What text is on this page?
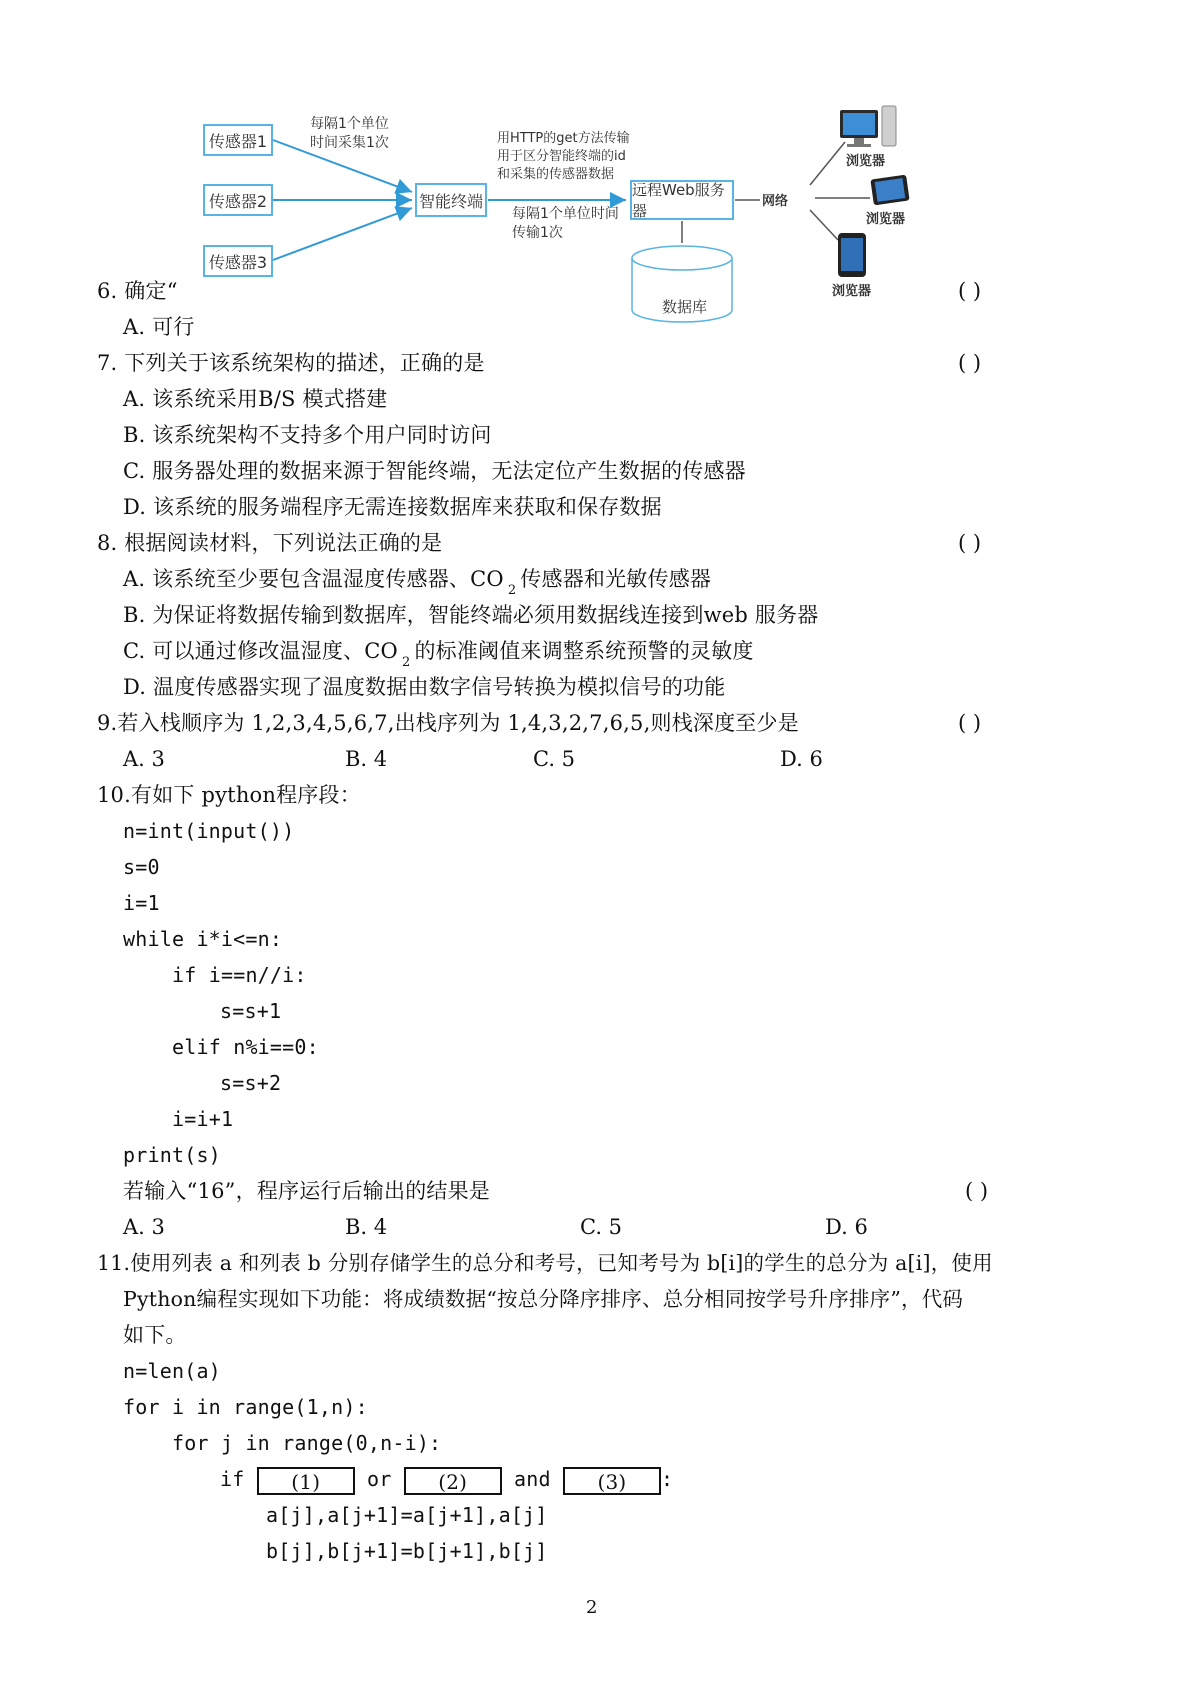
传感器1
传感器2
传感器3
智能终端
远程Web服务器
每隔1个单位
时间采集1次	用HTTP的get方法传输
用于区分智能终端的id
和采集的传感器数据
每隔1个单位时间
传输1次
数据库
网络
浏览器
浏览器
浏览器
6. 确定“	( )
A. 可行
7. 下列关于该系统架构的描述，正确的是	( )
A. 该系统采用B/S 模式搭建
B. 该系统架构不支持多个用户同时访问
C. 服务器处理的数据来源于智能终端，无法定位产生数据的传感器
D. 该系统的服务端程序无需连接数据库来获取和保存数据
8. 根据阅读材料，下列说法正确的是	( )
A. 该系统至少要包含温湿度传感器、CO $_2$ 传感器和光敏传感器
B. 为保证将数据传输到数据库，智能终端必须用数据线连接到web 服务器
C. 可以通过修改温湿度、CO $_2$ 的标准阈值来调整系统预警的灵敏度
D. 温度传感器实现了温度数据由数字信号转换为模拟信号的功能
9.若入栈顺序为 1,2,3,4,5,6,7,出栈序列为 1,4,3,2,7,6,5,则栈深度至少是	( )
A. 3	B. 4	C. 5	D. 6
10.有如下 python程序段：
n=int(input())
s=0
i=1
while i*i<=n:
if i==n//i:
s=s+1
elif n%i==0:
s=s+2
i=i+1
print(s)
若输入“16”，程序运行后输出的结果是	( )
A. 3	B. 4	C. 5	D. 6
11.使用列表 a 和列表 b 分别存储学生的总分和考号，已知考号为 b[i]的学生的总分为 a[i]，使用
Python编程实现如下功能：将成绩数据“按总分降序排序、总分相同按学号升序排序”，代码
如下。
n=len(a)
for i in range(1,n):
for j in range(0,n-i):
if (1) or (2) and (3) :
a[j],a[j+1]=a[j+1],a[j]
b[j],b[j+1]=b[j+1],b[j]
2
